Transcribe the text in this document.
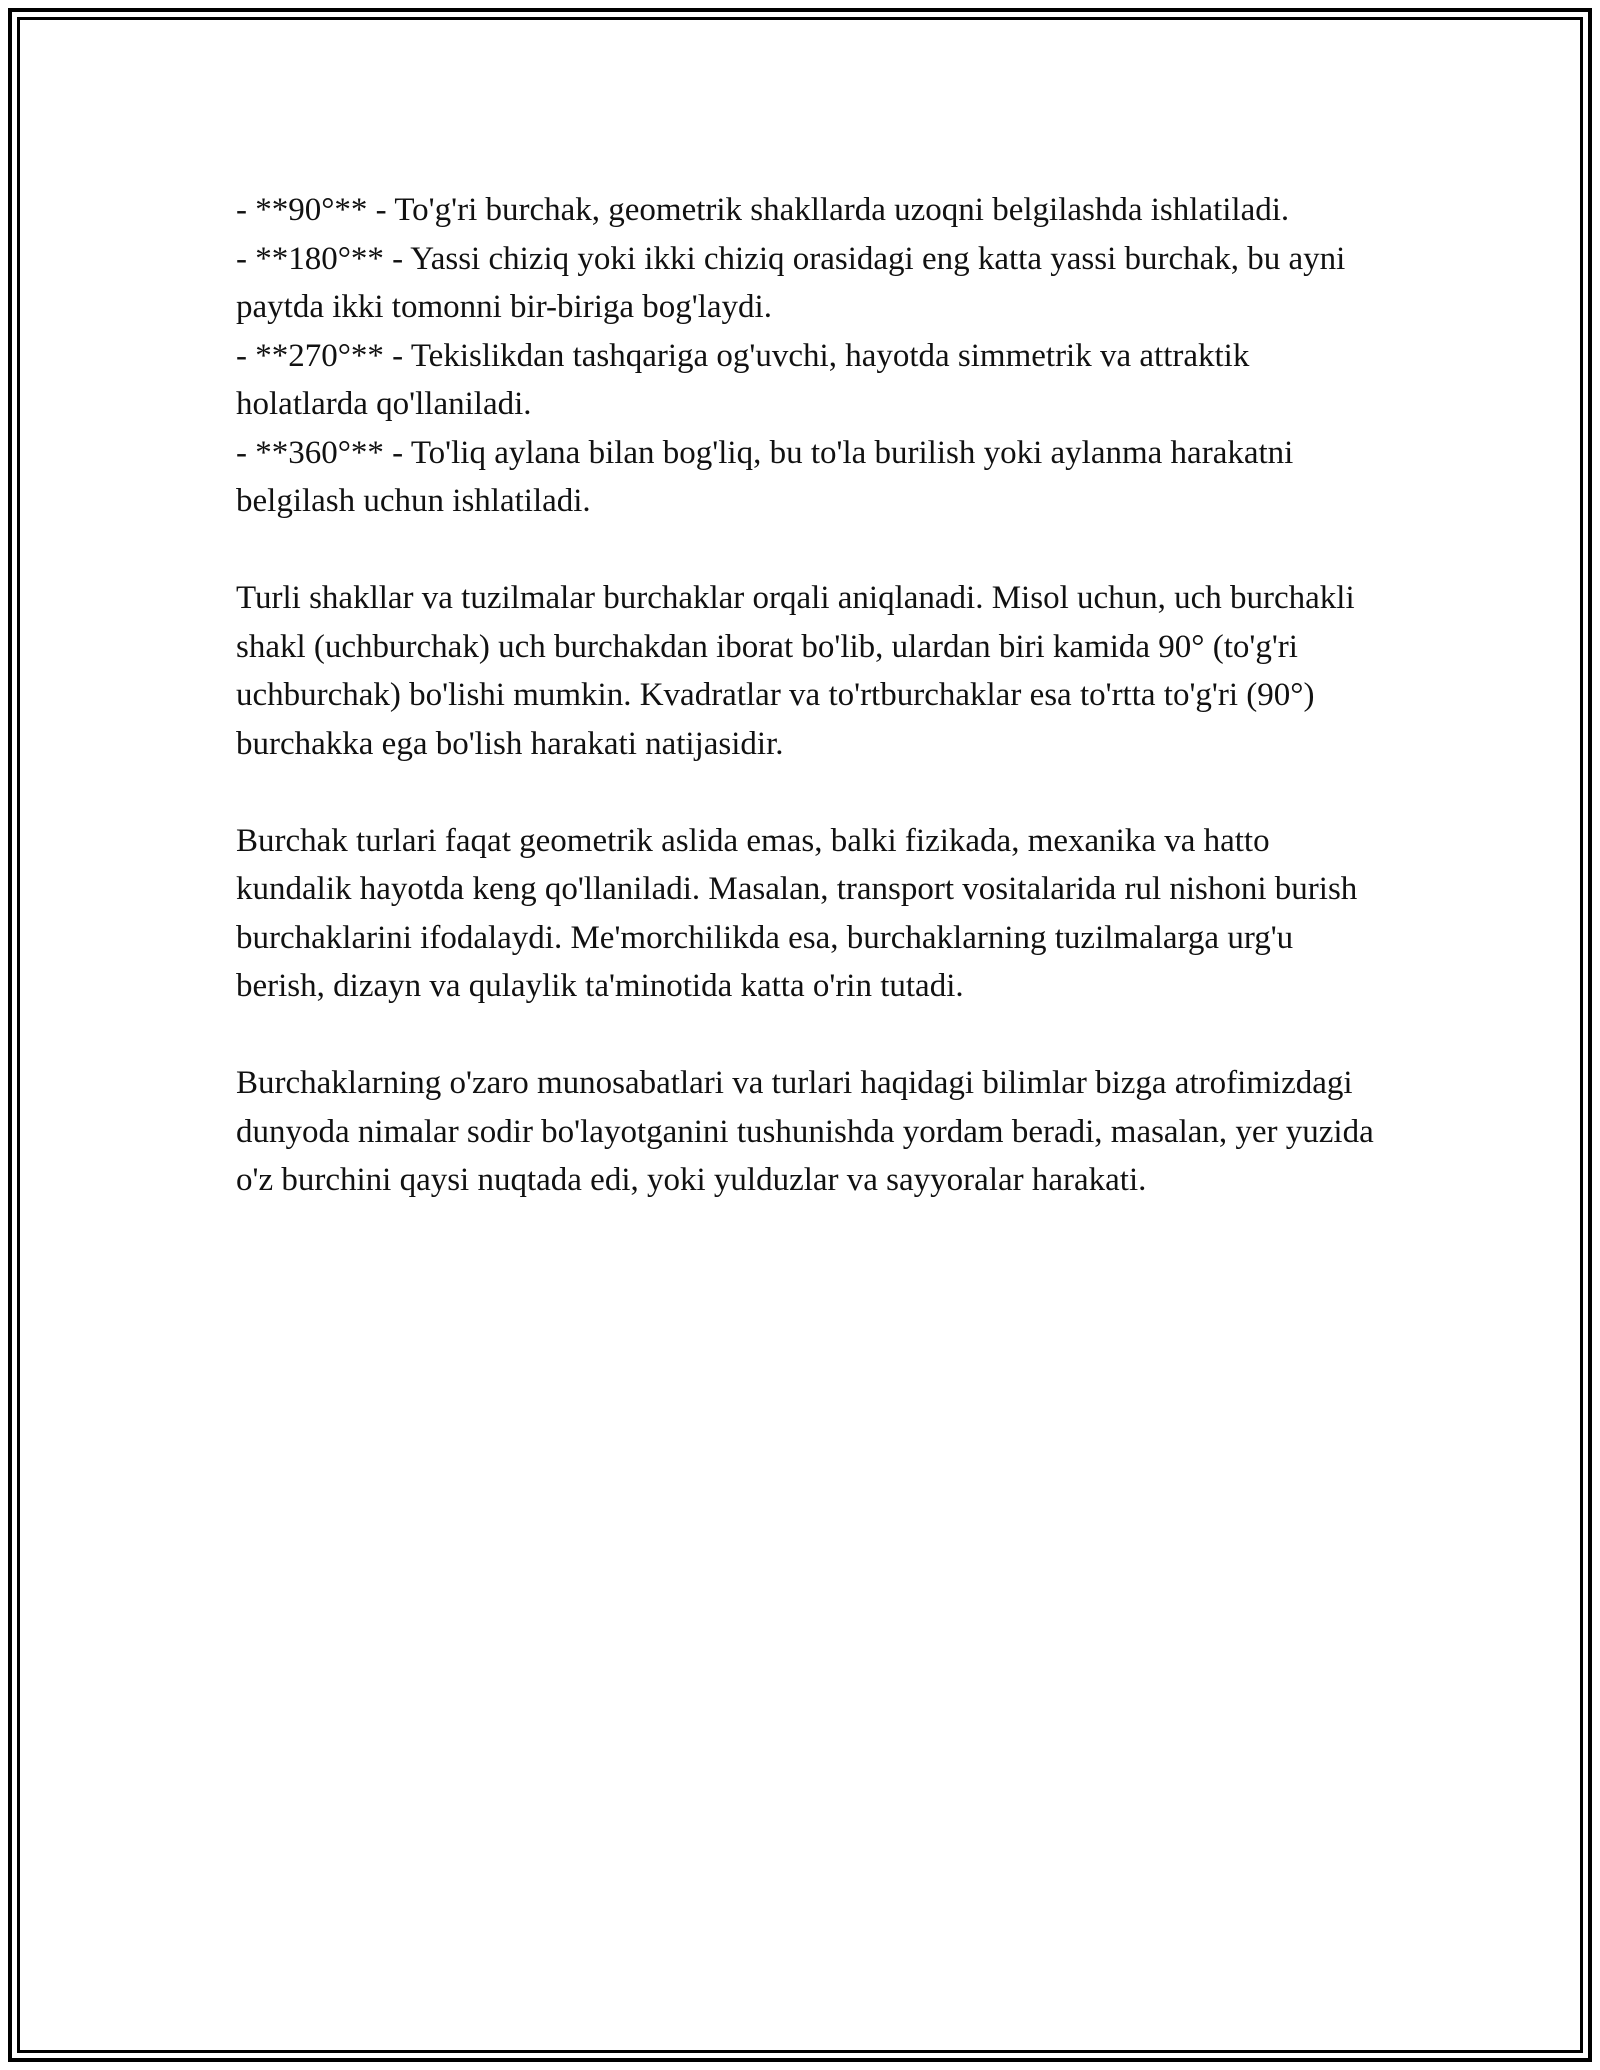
- **90°** - To'g'ri burchak, geometrik shakllarda uzoqni belgilashda ishlatiladi.
- **180°** - Yassi chiziq yoki ikki chiziq orasidagi eng katta yassi burchak, bu ayni paytda ikki tomonni bir-biriga bog'laydi.
- **270°** - Tekislikdan tashqariga og'uvchi, hayotda simmetrik va attraktik holatlarda qo'llaniladi.
- **360°** - To'liq aylana bilan bog'liq, bu to'la burilish yoki aylanma harakatni belgilash uchun ishlatiladi.

Turli shakllar va tuzilmalar burchaklar orqali aniqlanadi. Misol uchun, uch burchakli shakl (uchburchak) uch burchakdan iborat bo'lib, ulardan biri kamida 90° (to'g'ri uchburchak) bo'lishi mumkin. Kvadratlar va to'rtburchaklar esa to'rtta to'g'ri (90°) burchakka ega bo'lish harakati natijasidir.

Burchak turlari faqat geometrik aslida emas, balki fizikada, mexanika va hatto kundalik hayotda keng qo'llaniladi. Masalan, transport vositalarida rul nishoni burish burchaklarini ifodalaydi. Me'morchilikda esa, burchaklarning tuzilmalarga urg'u berish, dizayn va qulaylik ta'minotida katta o'rin tutadi.

Burchaklarning o'zaro munosabatlari va turlari haqidagi bilimlar bizga atrofimizdagi dunyoda nimalar sodir bo'layotganini tushunishda yordam beradi, masalan, yer yuzida o'z burchini qaysi nuqtada edi, yoki yulduzlar va sayyoralar harakati.
